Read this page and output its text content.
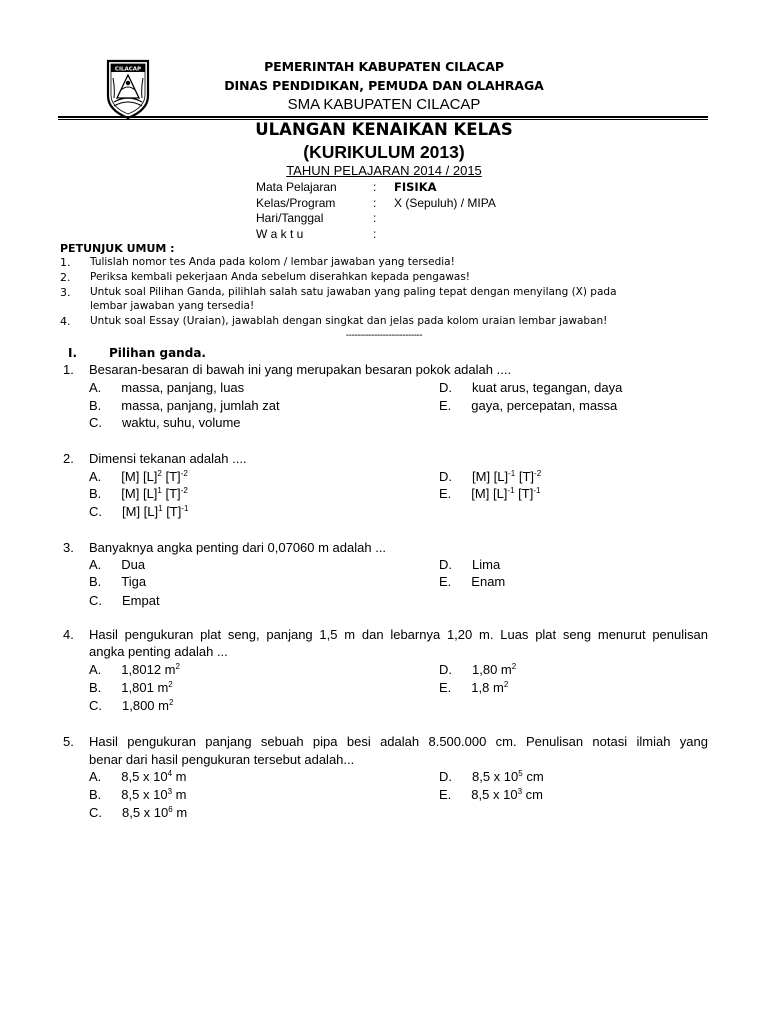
CILACAP	PEMERINTAH KABUPATEN CILACAP
DINAS PENDIDIKAN, PEMUDA DAN OLAHRAGA
SMA KABUPATEN CILACAP
ULANGAN KENAIKAN KELAS
(KURIKULUM 2013)
TAHUN PELAJARAN 2014 / 2015
Mata Pelajaran	: FISIKA
Kelas/Program	: X (Sepuluh) / MIPA
Hari/Tanggal	:
W a k t u	:
PETUNJUK UMUM :
1. Tulislah nomor tes Anda pada kolom / lembar jawaban yang tersedia!
2. Periksa kembali pekerjaan Anda sebelum diserahkan kepada pengawas!
3. Untuk soal Pilihan Ganda, pilihlah salah satu jawaban yang paling tepat dengan menyilang (X) pada
lembar jawaban yang tersedia!
4. Untuk soal Essay (Uraian), jawablah dengan singkat dan jelas pada kolom uraian lembar jawaban!
---------------------------
I.	Pilihan ganda.
1. Besaran-besaran di bawah ini yang merupakan besaran pokok adalah ....
A. massa, panjang, luas
B. massa, panjang, jumlah zat
C. waktu, suhu, volume
D. kuat arus, tegangan, daya
E. gaya, percepatan, massa
2. Dimensi tekanan adalah ....
A. [M] $[L]^2$ $[T]^{-2}$
B. [M] $[L]^1$ $[T]^{-2}$
C. [M] $[L]^1$ $[T]^{-1}$
D. [M] $[L]^{-1}$ $[T]^{-2}$
E. [M] $[L]^{-1}$ $[T]^{-1}$
3. Banyaknya angka penting dari 0,07060 m adalah ...
A. Dua
B. Tiga
C. Empat
D. Lima
E. Enam
4. Hasil pengukuran plat seng, panjang 1,5 m dan lebarnya 1,20 m. Luas plat seng menurut penulisan
angka penting adalah ...
A. 1,8012 $m^2$
B. 1,801 $m^2$
C. 1,800 $m^2$
D. 1,80 $m^2$
E. 1,8 $m^2$
5. Hasil pengukuran panjang sebuah pipa besi adalah 8.500.000 cm. Penulisan notasi ilmiah yang
benar dari hasil pengukuran tersebut adalah...
A. 8,5 x $10^4$ m
B. 8,5 x $10^3$ m
C. 8,5 x $10^6$ m
D. 8,5 x $10^5$ cm
E. 8,5 x $10^3$ cm
